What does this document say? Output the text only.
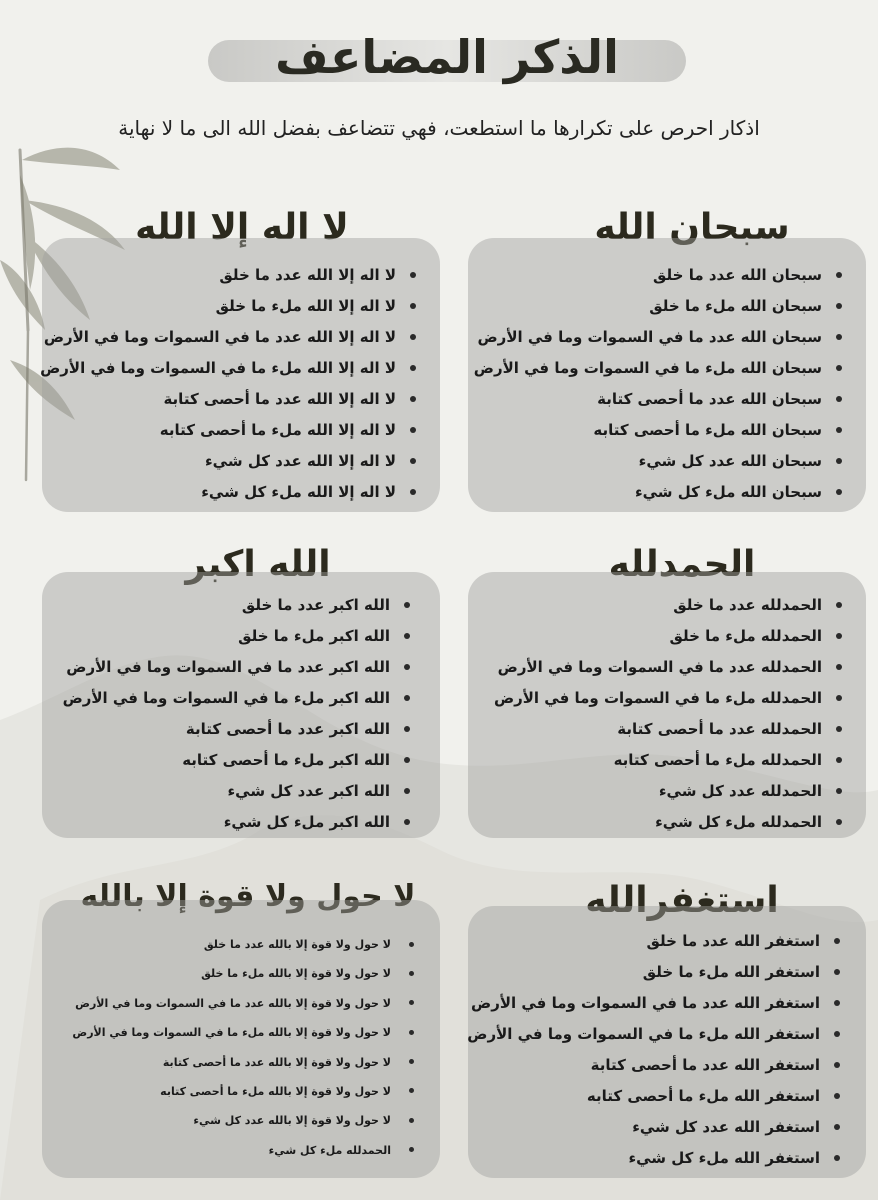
الذكر المضاعف
اذكار احرص على تكرارها ما استطعت، فهي تتضاعف بفضل الله الى ما لا نهاية
سبحان الله
سبحان الله عدد ما خلق
سبحان الله ملء ما خلق
سبحان الله عدد ما في السموات وما في الأرض
سبحان الله ملء ما في السموات وما في الأرض
سبحان الله عدد ما أحصى كتابة
سبحان الله ملء ما أحصى كتابه
سبحان الله عدد كل شيء
سبحان الله ملء كل شيء
لا اله إلا الله
لا اله إلا الله عدد ما خلق
لا اله إلا الله ملء ما خلق
لا اله إلا الله عدد ما في السموات وما في الأرض
لا اله إلا الله ملء ما في السموات وما في الأرض
لا اله إلا الله عدد ما أحصى كتابة
لا اله إلا الله ملء ما أحصى كتابه
لا اله إلا الله عدد كل شيء
لا اله إلا الله ملء كل شيء
الحمدلله
الحمدلله عدد ما خلق
الحمدلله ملء ما خلق
الحمدلله عدد ما في السموات وما في الأرض
الحمدلله ملء ما في السموات وما في الأرض
الحمدلله عدد ما أحصى كتابة
الحمدلله ملء ما أحصى كتابه
الحمدلله عدد كل شيء
الحمدلله ملء كل شيء
الله اكبر
الله اكبر عدد ما خلق
الله اكبر ملء ما خلق
الله اكبر عدد ما في السموات وما في الأرض
الله اكبر ملء ما في السموات وما في الأرض
الله اكبر عدد ما أحصى كتابة
الله اكبر ملء ما أحصى كتابه
الله اكبر عدد كل شيء
الله اكبر ملء كل شيء
استغفرالله
استغفر الله عدد ما خلق
استغفر الله ملء ما خلق
استغفر الله عدد ما في السموات وما في الأرض
استغفر الله ملء ما في السموات وما في الأرض
استغفر الله عدد ما أحصى كتابة
استغفر الله ملء ما أحصى كتابه
استغفر الله عدد كل شيء
استغفر الله ملء كل شيء
لا حول ولا قوة إلا بالله
لا حول ولا قوة إلا بالله عدد ما خلق
لا حول ولا قوة إلا بالله ملء ما خلق
لا حول ولا قوة إلا بالله عدد ما في السموات وما في الأرض
لا حول ولا قوة إلا بالله ملء ما في السموات وما في الأرض
لا حول ولا قوة إلا بالله عدد ما أحصى كتابة
لا حول ولا قوة إلا بالله ملء ما أحصى كتابه
لا حول ولا قوة إلا بالله عدد كل شيء
الحمدلله ملء كل شيء
